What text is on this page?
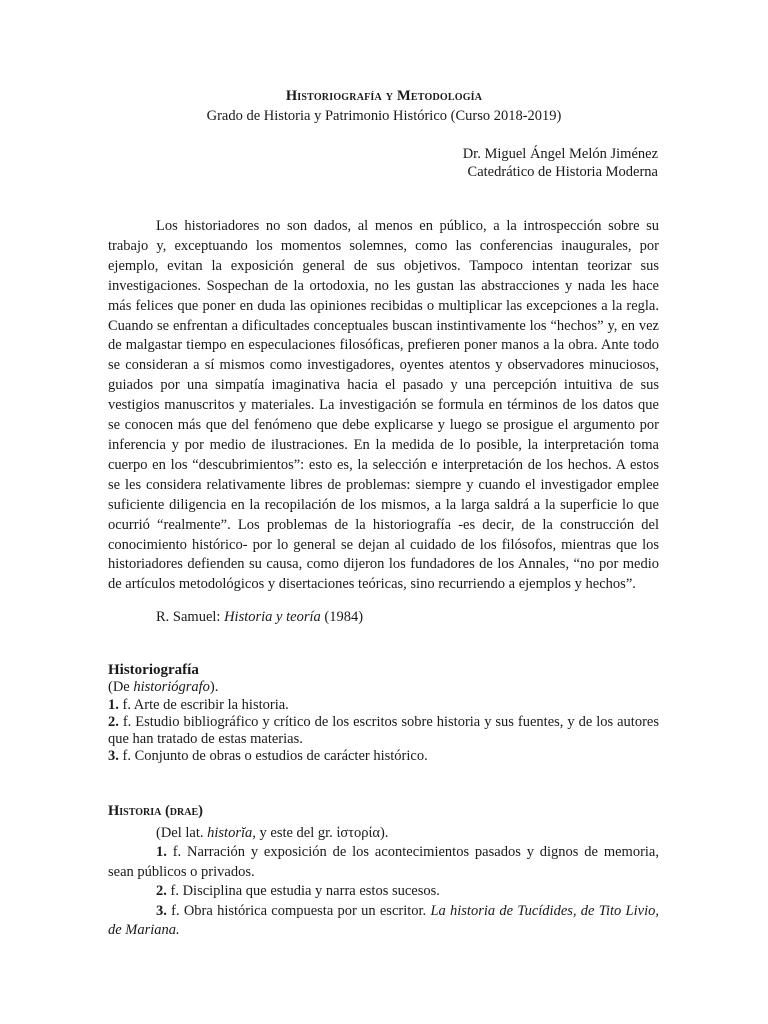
Historiografía y Metodología
Grado de Historia y Patrimonio Histórico (Curso 2018-2019)
Dr. Miguel Ángel Melón Jiménez
Catedrático de Historia Moderna

Los historiadores no son dados, al menos en público, a la introspección sobre su trabajo y, exceptuando los momentos solemnes, como las conferencias inaugurales, por ejemplo, evitan la exposición general de sus objetivos. Tampoco intentan teorizar sus investigaciones. Sospechan de la ortodoxia, no les gustan las abstracciones y nada les hace más felices que poner en duda las opiniones recibidas o multiplicar las excepciones a la regla. Cuando se enfrentan a dificultades conceptuales buscan instintivamente los “hechos” y, en vez de malgastar tiempo en especulaciones filosóficas, prefieren poner manos a la obra. Ante todo se consideran a sí mismos como investigadores, oyentes atentos y observadores minuciosos, guiados por una simpatía imaginativa hacia el pasado y una percepción intuitiva de sus vestigios manuscritos y materiales. La investigación se formula en términos de los datos que se conocen más que del fenómeno que debe explicarse y luego se prosigue el argumento por inferencia y por medio de ilustraciones. En la medida de lo posible, la interpretación toma cuerpo en los “descubrimientos”: esto es, la selección e interpretación de los hechos. A estos se les considera relativamente libres de problemas: siempre y cuando el investigador emplee suficiente diligencia en la recopilación de los mismos, a la larga saldrá a la superficie lo que ocurrió “realmente”. Los problemas de la historiografía -es decir, de la construcción del conocimiento histórico- por lo general se dejan al cuidado de los filósofos, mientras que los historiadores defienden su causa, como dijeron los fundadores de los Annales, “no por medio de artículos metodológicos y disertaciones teóricas, sino recurriendo a ejemplos y hechos”.

R. Samuel: Historia y teoría (1984)
Historiografía
(De historiógrafo).
1. f. Arte de escribir la historia.
2. f. Estudio bibliográfico y crítico de los escritos sobre historia y sus fuentes, y de los autores que han tratado de estas materias.
3. f. Conjunto de obras o estudios de carácter histórico.
Historia (drae)

(Del lat. historĭa, y este del gr. ἱστορία).

1. f. Narración y exposición de los acontecimientos pasados y dignos de memoria, sean públicos o privados.

2. f. Disciplina que estudia y narra estos sucesos.

3. f. Obra histórica compuesta por un escritor. La historia de Tucídides, de Tito Livio, de Mariana.
